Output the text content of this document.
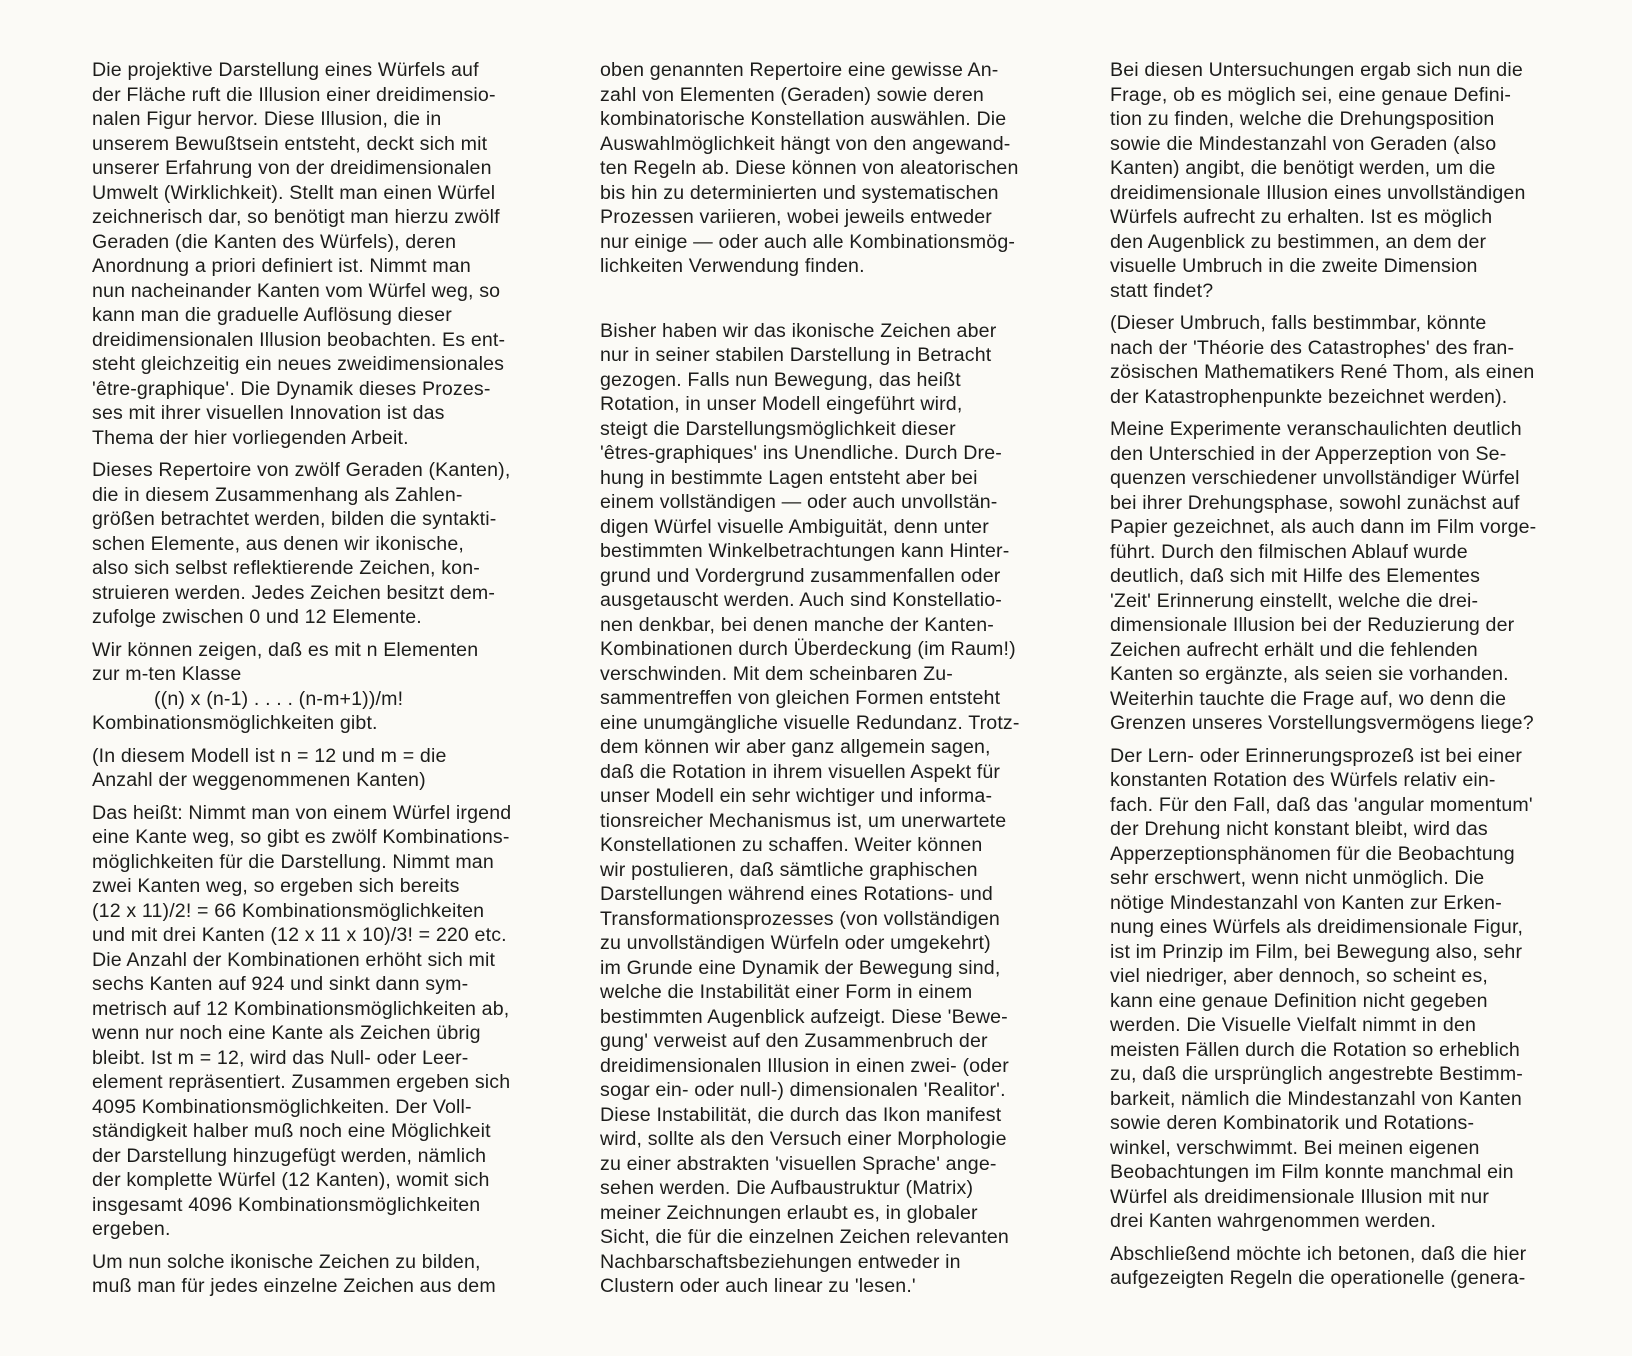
Die projektive Darstellung eines Würfels auf
der Fläche ruft die Illusion einer dreidimensio-
nalen Figur hervor. Diese Illusion, die in
unserem Bewußtsein entsteht, deckt sich mit
unserer Erfahrung von der dreidimensionalen
Umwelt (Wirklichkeit). Stellt man einen Würfel
zeichnerisch dar, so benötigt man hierzu zwölf
Geraden (die Kanten des Würfels), deren
Anordnung a priori definiert ist. Nimmt man
nun nacheinander Kanten vom Würfel weg, so
kann man die graduelle Auflösung dieser
dreidimensionalen Illusion beobachten. Es ent-
steht gleichzeitig ein neues zweidimensionales
'être-graphique'. Die Dynamik dieses Prozes-
ses mit ihrer visuellen Innovation ist das
Thema der hier vorliegenden Arbeit.

Dieses Repertoire von zwölf Geraden (Kanten),
die in diesem Zusammenhang als Zahlen-
größen betrachtet werden, bilden die syntakti-
schen Elemente, aus denen wir ikonische,
also sich selbst reflektierende Zeichen, kon-
struieren werden. Jedes Zeichen besitzt dem-
zufolge zwischen 0 und 12 Elemente.

Wir können zeigen, daß es mit n Elementen
zur m-ten Klasse
((n) x (n-1) . . . . (n-m+1))/m!
Kombinationsmöglichkeiten gibt.

(In diesem Modell ist n = 12 und m = die
Anzahl der weggenommenen Kanten)

Das heißt: Nimmt man von einem Würfel irgend
eine Kante weg, so gibt es zwölf Kombinations-
möglichkeiten für die Darstellung. Nimmt man
zwei Kanten weg, so ergeben sich bereits
(12 x 11)/2! = 66 Kombinationsmöglichkeiten
und mit drei Kanten (12 x 11 x 10)/3! = 220 etc.
Die Anzahl der Kombinationen erhöht sich mit
sechs Kanten auf 924 und sinkt dann sym-
metrisch auf 12 Kombinationsmöglichkeiten ab,
wenn nur noch eine Kante als Zeichen übrig
bleibt. Ist m = 12, wird das Null- oder Leer-
element repräsentiert. Zusammen ergeben sich
4095 Kombinationsmöglichkeiten. Der Voll-
ständigkeit halber muß noch eine Möglichkeit
der Darstellung hinzugefügt werden, nämlich
der komplette Würfel (12 Kanten), womit sich
insgesamt 4096 Kombinationsmöglichkeiten
ergeben.

Um nun solche ikonische Zeichen zu bilden,
muß man für jedes einzelne Zeichen aus dem

oben genannten Repertoire eine gewisse An-
zahl von Elementen (Geraden) sowie deren
kombinatorische Konstellation auswählen. Die
Auswahlmöglichkeit hängt von den angewand-
ten Regeln ab. Diese können von aleatorischen
bis hin zu determinierten und systematischen
Prozessen variieren, wobei jeweils entweder
nur einige — oder auch alle Kombinationsmög-
lichkeiten Verwendung finden.

Bisher haben wir das ikonische Zeichen aber
nur in seiner stabilen Darstellung in Betracht
gezogen. Falls nun Bewegung, das heißt
Rotation, in unser Modell eingeführt wird,
steigt die Darstellungsmöglichkeit dieser
'êtres-graphiques' ins Unendliche. Durch Dre-
hung in bestimmte Lagen entsteht aber bei
einem vollständigen — oder auch unvollstän-
digen Würfel visuelle Ambiguität, denn unter
bestimmten Winkelbetrachtungen kann Hinter-
grund und Vordergrund zusammenfallen oder
ausgetauscht werden. Auch sind Konstellatio-
nen denkbar, bei denen manche der Kanten-
Kombinationen durch Überdeckung (im Raum!)
verschwinden. Mit dem scheinbaren Zu-
sammentreffen von gleichen Formen entsteht
eine unumgängliche visuelle Redundanz. Trotz-
dem können wir aber ganz allgemein sagen,
daß die Rotation in ihrem visuellen Aspekt für
unser Modell ein sehr wichtiger und informa-
tionsreicher Mechanismus ist, um unerwartete
Konstellationen zu schaffen. Weiter können
wir postulieren, daß sämtliche graphischen
Darstellungen während eines Rotations- und
Transformationsprozesses (von vollständigen
zu unvollständigen Würfeln oder umgekehrt)
im Grunde eine Dynamik der Bewegung sind,
welche die Instabilität einer Form in einem
bestimmten Augenblick aufzeigt. Diese 'Bewe-
gung' verweist auf den Zusammenbruch der
dreidimensionalen Illusion in einen zwei- (oder
sogar ein- oder null-) dimensionalen 'Realitor'.
Diese Instabilität, die durch das Ikon manifest
wird, sollte als den Versuch einer Morphologie
zu einer abstrakten 'visuellen Sprache' ange-
sehen werden. Die Aufbaustruktur (Matrix)
meiner Zeichnungen erlaubt es, in globaler
Sicht, die für die einzelnen Zeichen relevanten
Nachbarschaftsbeziehungen entweder in
Clustern oder auch linear zu 'lesen.'

Bei diesen Untersuchungen ergab sich nun die
Frage, ob es möglich sei, eine genaue Defini-
tion zu finden, welche die Drehungsposition
sowie die Mindestanzahl von Geraden (also
Kanten) angibt, die benötigt werden, um die
dreidimensionale Illusion eines unvollständigen
Würfels aufrecht zu erhalten. Ist es möglich
den Augenblick zu bestimmen, an dem der
visuelle Umbruch in die zweite Dimension
statt findet?

(Dieser Umbruch, falls bestimmbar, könnte
nach der 'Théorie des Catastrophes' des fran-
zösischen Mathematikers René Thom, als einen
der Katastrophenpunkte bezeichnet werden).

Meine Experimente veranschaulichten deutlich
den Unterschied in der Apperzeption von Se-
quenzen verschiedener unvollständiger Würfel
bei ihrer Drehungsphase, sowohl zunächst auf
Papier gezeichnet, als auch dann im Film vorge-
führt. Durch den filmischen Ablauf wurde
deutlich, daß sich mit Hilfe des Elementes
'Zeit' Erinnerung einstellt, welche die drei-
dimensionale Illusion bei der Reduzierung der
Zeichen aufrecht erhält und die fehlenden
Kanten so ergänzte, als seien sie vorhanden.
Weiterhin tauchte die Frage auf, wo denn die
Grenzen unseres Vorstellungsvermögens liege?

Der Lern- oder Erinnerungsprozeß ist bei einer
konstanten Rotation des Würfels relativ ein-
fach. Für den Fall, daß das 'angular momentum'
der Drehung nicht konstant bleibt, wird das
Apperzeptionsphänomen für die Beobachtung
sehr erschwert, wenn nicht unmöglich. Die
nötige Mindestanzahl von Kanten zur Erken-
nung eines Würfels als dreidimensionale Figur,
ist im Prinzip im Film, bei Bewegung also, sehr
viel niedriger, aber dennoch, so scheint es,
kann eine genaue Definition nicht gegeben
werden. Die Visuelle Vielfalt nimmt in den
meisten Fällen durch die Rotation so erheblich
zu, daß die ursprünglich angestrebte Bestimm-
barkeit, nämlich die Mindestanzahl von Kanten
sowie deren Kombinatorik und Rotations-
winkel, verschwimmt. Bei meinen eigenen
Beobachtungen im Film konnte manchmal ein
Würfel als dreidimensionale Illusion mit nur
drei Kanten wahrgenommen werden.

Abschließend möchte ich betonen, daß die hier
aufgezeigten Regeln die operationelle (genera-
